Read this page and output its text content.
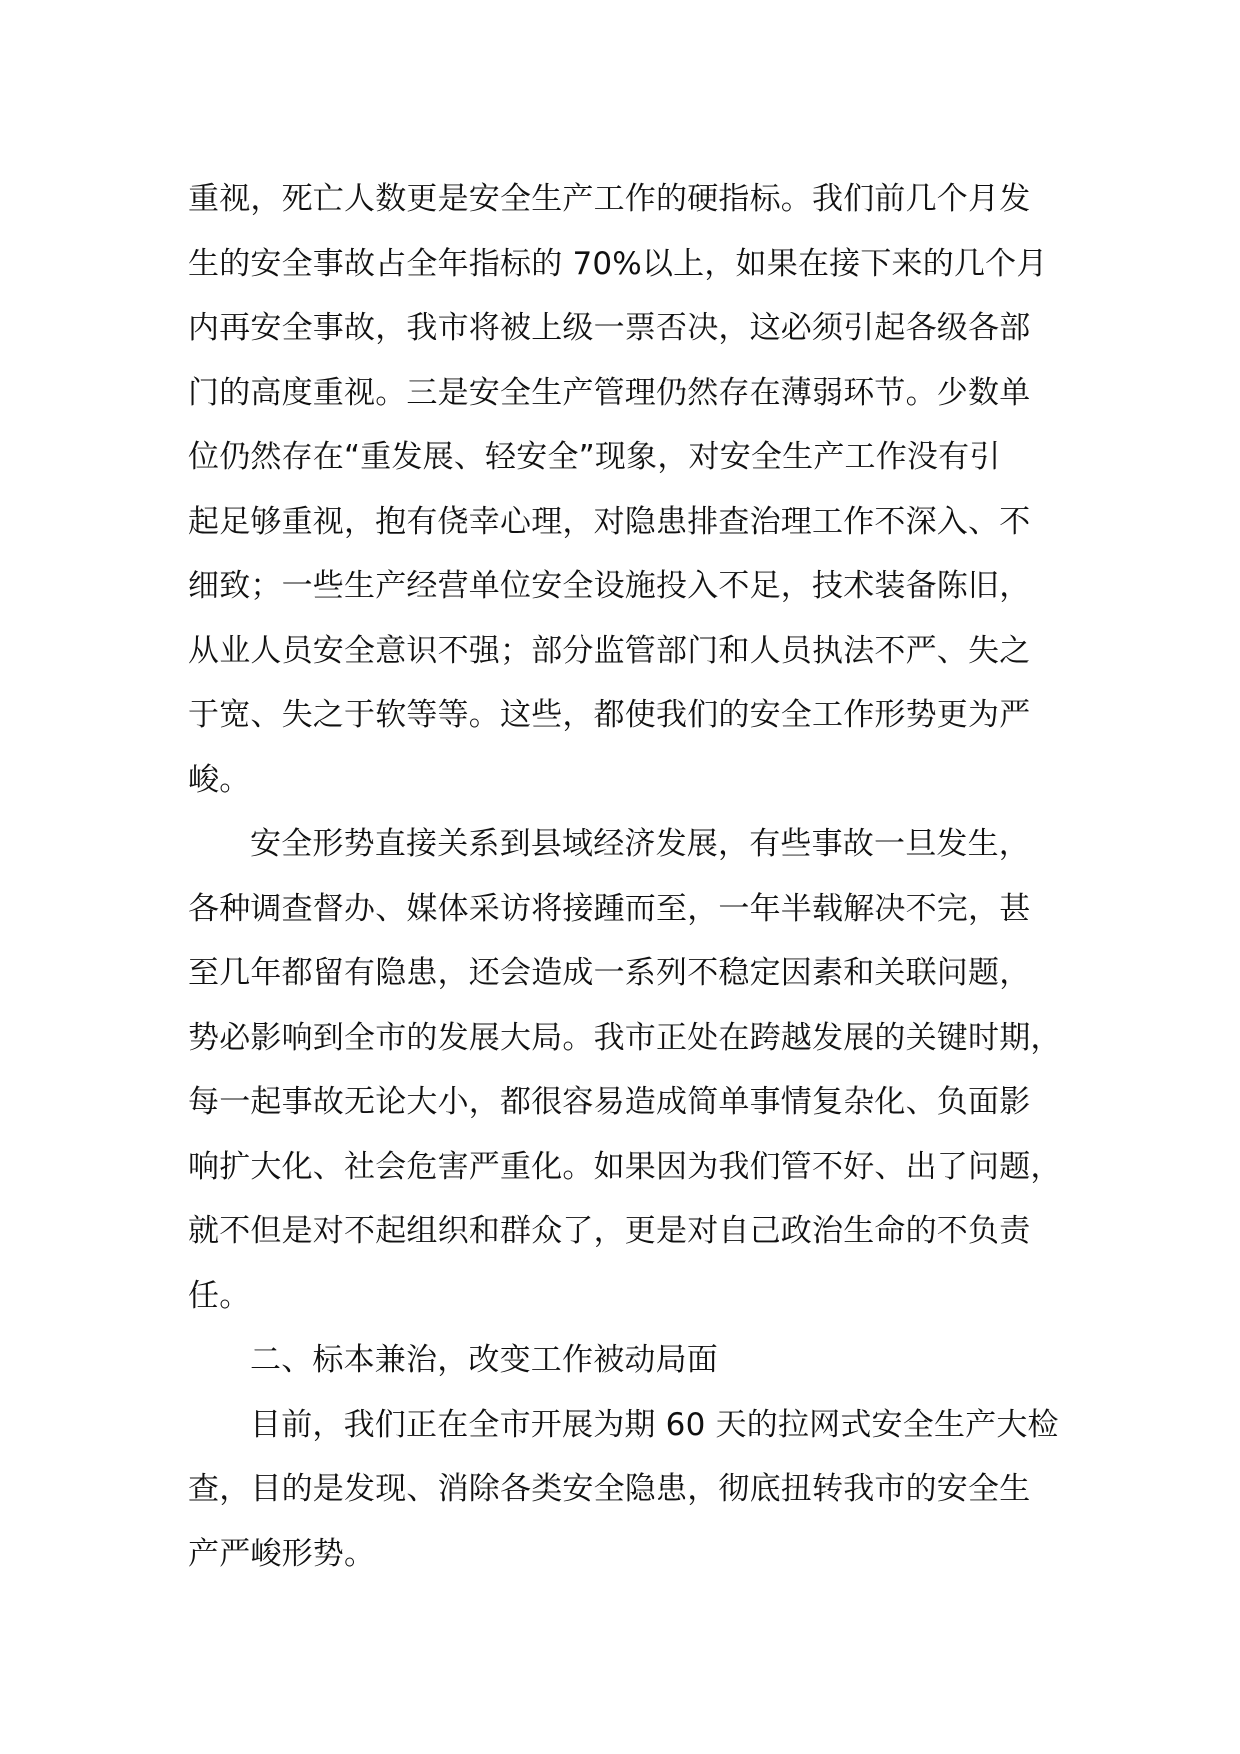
重视，死亡人数更是安全生产工作的硬指标。我们前几个月发
生的安全事故占全年指标的 70%以上，如果在接下来的几个月
内再安全事故，我市将被上级一票否决，这必须引起各级各部
门的高度重视。三是安全生产管理仍然存在薄弱环节。少数单
位仍然存在“重发展、轻安全”现象，对安全生产工作没有引
起足够重视，抱有侥幸心理，对隐患排查治理工作不深入、不
细致；一些生产经营单位安全设施投入不足，技术装备陈旧，
从业人员安全意识不强；部分监管部门和人员执法不严、失之
于宽、失之于软等等。这些，都使我们的安全工作形势更为严
峻。
安全形势直接关系到县域经济发展，有些事故一旦发生，
各种调查督办、媒体采访将接踵而至，一年半载解决不完，甚
至几年都留有隐患，还会造成一系列不稳定因素和关联问题，
势必影响到全市的发展大局。我市正处在跨越发展的关键时期，
每一起事故无论大小，都很容易造成简单事情复杂化、负面影
响扩大化、社会危害严重化。如果因为我们管不好、出了问题，
就不但是对不起组织和群众了，更是对自己政治生命的不负责
任。
二、标本兼治，改变工作被动局面
目前，我们正在全市开展为期 60 天的拉网式安全生产大检
查，目的是发现、消除各类安全隐患，彻底扭转我市的安全生
产严峻形势。
